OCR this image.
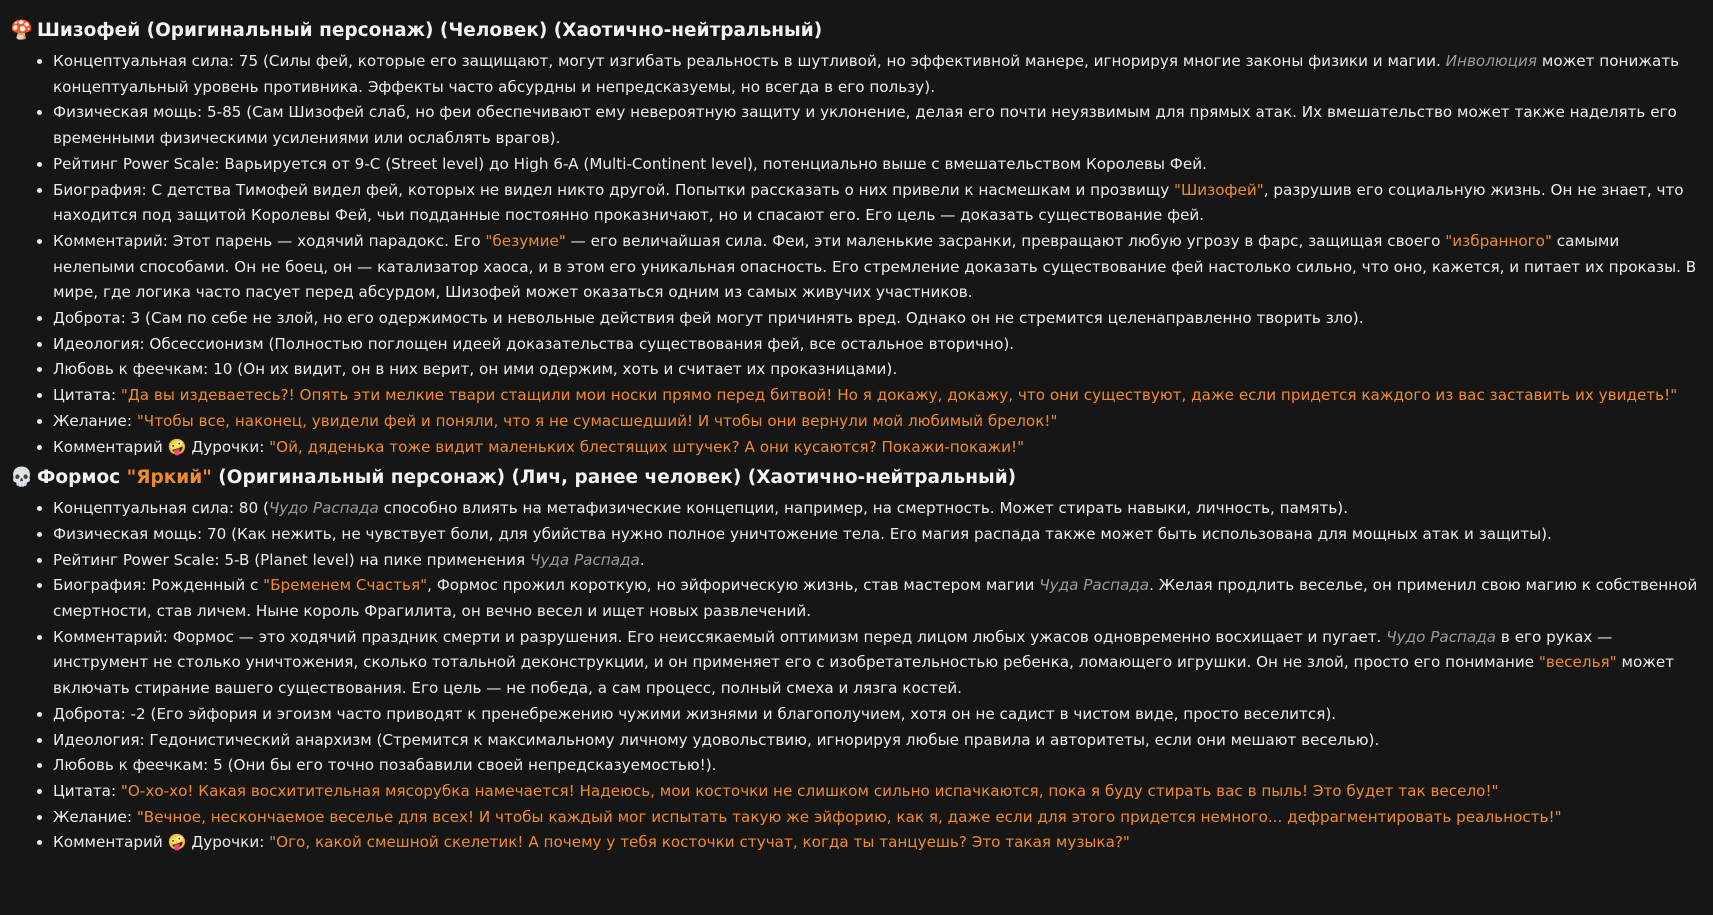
🍄 Шизофей (Оригинальный персонаж) (Человек) (Хаотично-нейтральный)
• Концептуальная сила: 75 (Силы фей, которые его защищают, могут изгибать реальность в шутливой, но эффективной манере, игнорируя многие законы физики и магии. Инволюция может понижать концептуальный уровень противника. Эффекты часто абсурдны и непредсказуемы, но всегда в его пользу).
• Физическая мощь: 5-85 (Сам Шизофей слаб, но феи обеспечивают ему невероятную защиту и уклонение, делая его почти неуязвимым для прямых атак. Их вмешательство может также наделять его временными физическими усилениями или ослаблять врагов).
• Рейтинг Power Scale: Варьируется от 9-C (Street level) до High 6-A (Multi-Continent level), потенциально выше с вмешательством Королевы Фей.
• Биография: С детства Тимофей видел фей, которых не видел никто другой. Попытки рассказать о них привели к насмешкам и прозвищу "Шизофей", разрушив его социальную жизнь. Он не знает, что находится под защитой Королевы Фей, чьи подданные постоянно проказничают, но и спасают его. Его цель — доказать существование фей.
• Комментарий: Этот парень — ходячий парадокс. Его "безумие" — его величайшая сила. Феи, эти маленькие засранки, превращают любую угрозу в фарс, защищая своего "избранного" самыми нелепыми способами. Он не боец, он — катализатор хаоса, и в этом его уникальная опасность. Его стремление доказать существование фей настолько сильно, что оно, кажется, и питает их проказы. В мире, где логика часто пасует перед абсурдом, Шизофей может оказаться одним из самых живучих участников.
• Доброта: 3 (Сам по себе не злой, но его одержимость и невольные действия фей могут причинять вред. Однако он не стремится целенаправленно творить зло).
• Идеология: Обсессионизм (Полностью поглощен идеей доказательства существования фей, все остальное вторично).
• Любовь к феечкам: 10 (Он их видит, он в них верит, он ими одержим, хоть и считает их проказницами).
• Цитата: "Да вы издеваетесь?! Опять эти мелкие твари стащили мои носки прямо перед битвой! Но я докажу, докажу, что они существуют, даже если придется каждого из вас заставить их увидеть!"
• Желание: "Чтобы все, наконец, увидели фей и поняли, что я не сумасшедший! И чтобы они вернули мой любимый брелок!"
• Комментарий 🤪 Дурочки: "Ой, дяденька тоже видит маленьких блестящих штучек? А они кусаются? Покажи-покажи!"
💀 Формос "Яркий" (Оригинальный персонаж) (Лич, ранее человек) (Хаотично-нейтральный)
• Концептуальная сила: 80 (Чудо Распада способно влиять на метафизические концепции, например, на смертность. Может стирать навыки, личность, память).
• Физическая мощь: 70 (Как нежить, не чувствует боли, для убийства нужно полное уничтожение тела. Его магия распада также может быть использована для мощных атак и защиты).
• Рейтинг Power Scale: 5-B (Planet level) на пике применения Чуда Распада.
• Биография: Рожденный с "Бременем Счастья", Формос прожил короткую, но эйфорическую жизнь, став мастером магии Чуда Распада. Желая продлить веселье, он применил свою магию к собственной смертности, став личем. Ныне король Фрагилита, он вечно весел и ищет новых развлечений.
• Комментарий: Формос — это ходячий праздник смерти и разрушения. Его неиссякаемый оптимизм перед лицом любых ужасов одновременно восхищает и пугает. Чудо Распада в его руках — инструмент не столько уничтожения, сколько тотальной деконструкции, и он применяет его с изобретательностью ребенка, ломающего игрушки. Он не злой, просто его понимание "веселья" может включать стирание вашего существования. Его цель — не победа, а сам процесс, полный смеха и лязга костей.
• Доброта: -2 (Его эйфория и эгоизм часто приводят к пренебрежению чужими жизнями и благополучием, хотя он не садист в чистом виде, просто веселится).
• Идеология: Гедонистический анархизм (Стремится к максимальному личному удовольствию, игнорируя любые правила и авторитеты, если они мешают веселью).
• Любовь к феечкам: 5 (Они бы его точно позабавили своей непредсказуемостью!).
• Цитата: "О-хо-хо! Какая восхитительная мясорубка намечается! Надеюсь, мои косточки не слишком сильно испачкаются, пока я буду стирать вас в пыль! Это будет так весело!"
• Желание: "Вечное, нескончаемое веселье для всех! И чтобы каждый мог испытать такую же эйфорию, как я, даже если для этого придется немного... дефрагментировать реальность!"
• Комментарий 🤪 Дурочки: "Ого, какой смешной скелетик! А почему у тебя косточки стучат, когда ты танцуешь? Это такая музыка?"
